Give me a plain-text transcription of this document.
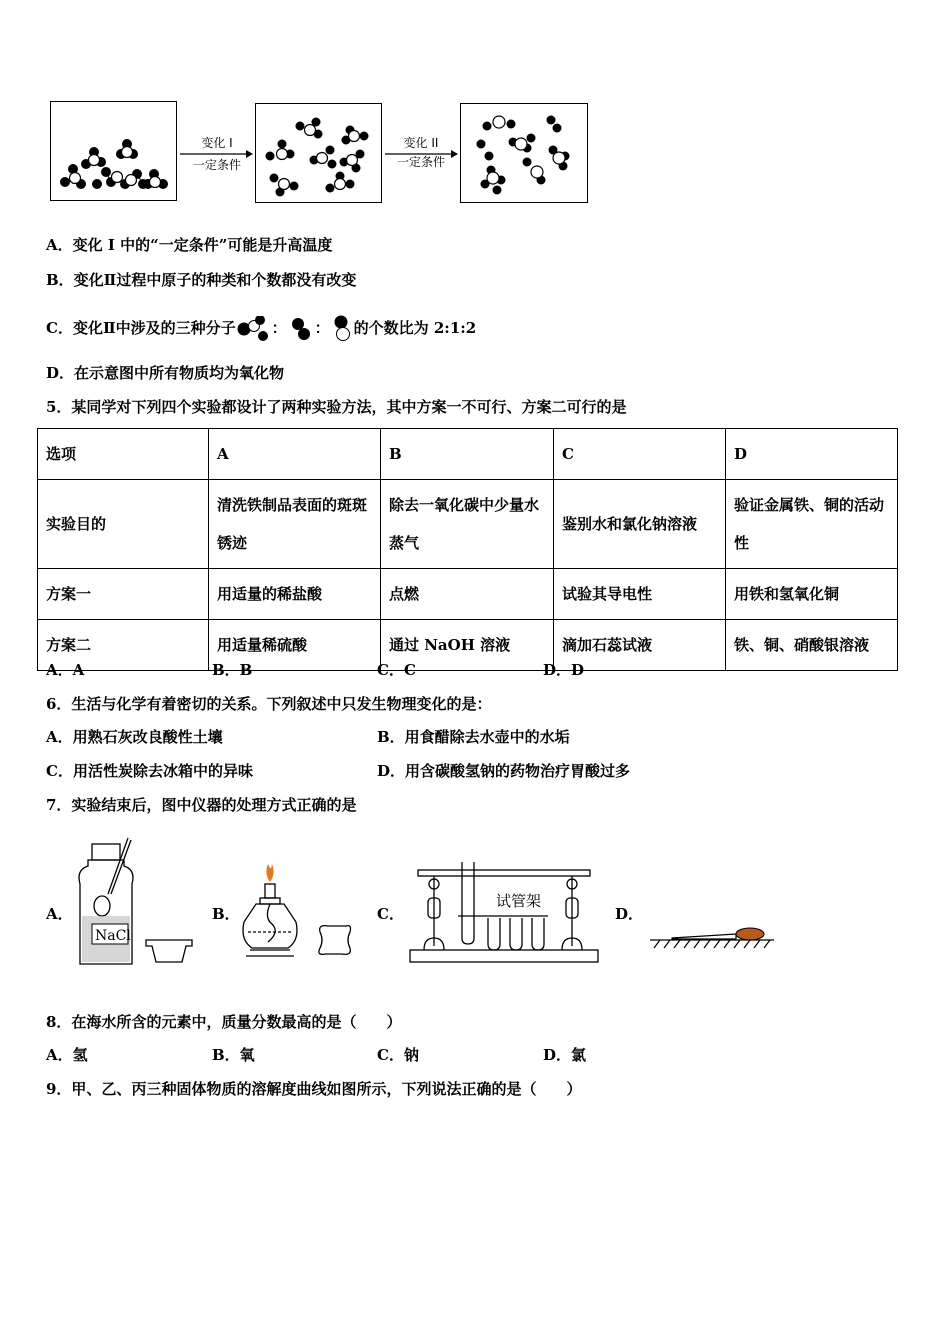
变化 I
一定条件
变化 II
一定条件
A．变化 I 中的“一定条件”可能是升高温度
B．变化Ⅱ过程中原子的种类和个数都没有改变
C．变化Ⅱ中涉及的三种分子 ： ： 的个数比为 2:1:2
D．在示意图中所有物质均为氧化物
5．某同学对下列四个实验都设计了两种实验方法，其中方案一不可行、方案二可行的是
选项	A	B	C	D
实验目的	清洗铁制品表面的斑斑锈迹	除去一氧化碳中少量水蒸气	鉴别水和氯化钠溶液	验证金属铁、铜的活动性
方案一	用适量的稀盐酸	点燃	试验其导电性	用铁和氢氧化铜
方案二	用适量稀硫酸	通过 NaOH 溶液	滴加石蕊试液	铁、铜、硝酸银溶液
A．A	B．B	C．C	D．D
6．生活与化学有着密切的关系。下列叙述中只发生物理变化的是：
A．用熟石灰改良酸性土壤	B．用食醋除去水壶中的水垢
C．用活性炭除去冰箱中的异味	D．用含碳酸氢钠的药物治疗胃酸过多
7．实验结束后，图中仪器的处理方式正确的是
A．	B．	C．	D．
NaCl
试管架
8．在海水所含的元素中，质量分数最高的是（　　）
A．氢	B．氧	C．钠	D．氯
9．甲、乙、丙三种固体物质的溶解度曲线如图所示，下列说法正确的是（　　）
